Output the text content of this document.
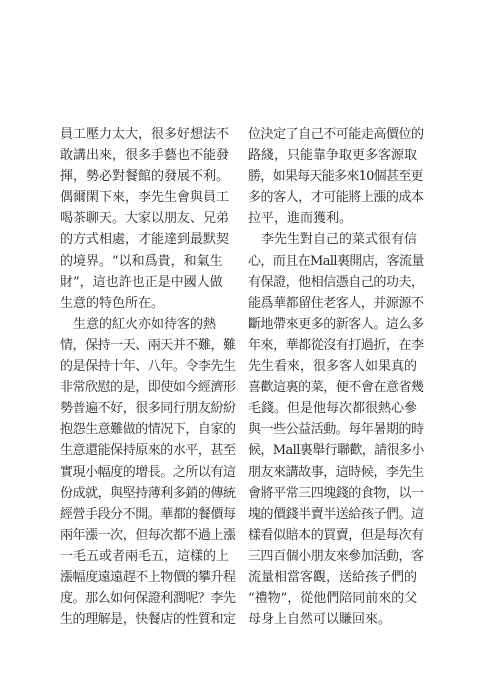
員工壓力太大，很多好想法不
敢講出來，很多手藝也不能發
揮，勢必對餐館的發展不利。
偶爾閑下來，李先生會與員工
喝茶聊天。大家以朋友、兄弟
的方式相處，才能達到最默契
的境界。“以和爲貴，和氣生
財”，這也許也正是中國人做
生意的特色所在。
　生意的紅火亦如待客的熱
情，保持一天、兩天并不難，難
的是保持十年、八年。令李先生
非常欣慰的是，即使如今經濟形
勢普遍不好，很多同行朋友紛紛
抱怨生意難做的情况下，自家的
生意還能保持原來的水平，甚至
實現小幅度的增長。之所以有這
份成就，與堅持薄利多銷的傳統
經營手段分不開。華都的餐價每
兩年漲一次，但每次都不過上漲
一毛五或者兩毛五，這樣的上
漲幅度遠遠趕不上物價的攀升程
度。那么如何保證利潤呢？李先
生的理解是，快餐店的性質和定
位決定了自己不可能走高價位的
路綫，只能靠争取更多客源取
勝，如果每天能多來10個甚至更
多的客人，才可能將上漲的成本
拉平，進而獲利。
　李先生對自己的菜式很有信
心，而且在Mall裏開店，客流量
有保證，他相信憑自己的功夫，
能爲華都留住老客人，并源源不
斷地帶來更多的新客人。這么多
年來，華都從沒有打過折，在李
先生看來，很多客人如果真的
喜歡這裏的菜，便不會在意省幾
毛錢。但是他每次都很熱心參
與一些公益活動。每年暑期的時
候，Mall裏舉行聯歡，請很多小
朋友來講故事，這時候，李先生
會將平常三四塊錢的食物，以一
塊的價錢半賣半送給孩子們。這
樣看似賠本的買賣，但是每次有
三四百個小朋友來參加活動，客
流量相當客觀，送給孩子們的
“禮物”，從他們陪同前來的父
母身上自然可以賺回來。
